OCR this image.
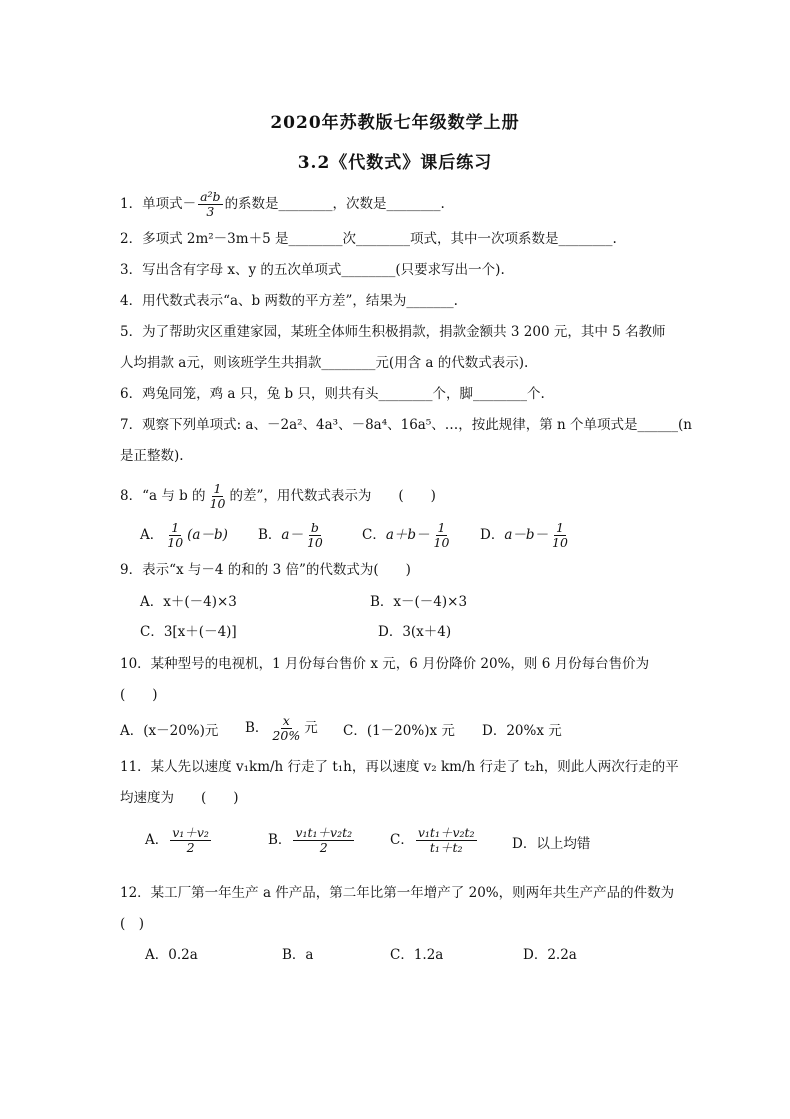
2020年苏教版七年级数学上册
3.2《代数式》课后练习
1．单项式－ $\frac{\text{a²b}}{3}$ 的系数是________，次数是________.
2．多项式 2m²－3m＋5 是________次________项式，其中一次项系数是________.
3．写出含有字母 x、y 的五次单项式________(只要求写出一个).
4．用代数式表示“a、b 两数的平方差”，结果为_______.
5．为了帮助灾区重建家园，某班全体师生积极捐款，捐款金额共 3 200 元，其中 5 名教师
人均捐款 a元，则该班学生共捐款________元(用含 a 的代数式表示).
6．鸡兔同笼，鸡 a 只，兔 b 只，则共有头________个，脚________个.
7．观察下列单项式: a、－2a²、4a³、－8a⁴、16a⁵、…，按此规律，第 n 个单项式是______(n
是正整数).
8．“a 与 b 的 $\frac{1}{10}$ 的差”，用代数式表示为　　(　　)
A． $\frac{1}{10} (a-b)$ B．$a- \frac{b}{10}$	C．$a+b- \frac{1}{10}$ D．$a-b- \frac{1}{10}$
9．表示“x 与－4 的和的 3 倍”的代数式为(　　)
A．x＋(－4)×3	B．x－(－4)×3
C．3[x＋(－4)]	D．3(x＋4)
10．某种型号的电视机，1 月份每台售价 x 元，6 月份降价 20%，则 6 月份每台售价为
(　　)
A．(x－20%)元 B． $\frac{x}{20\%}$ 元 C．(1－20%)x 元 D．20%x 元
11．某人先以速度 v₁km/h 行走了 t₁h，再以速度 v₂ km/h 行走了 t₂h，则此人两次行走的平
均速度为　　(　　)
A． $\frac{\text{v₁＋v₂}}{2}$	B． $\frac{\text{v₁t₁＋v₂t₂}}{2}$	C． $\frac{\text{v₁t₁＋v₂t₂}}{\text{t₁＋t₂}}$	D．以上均错
12．某工厂第一年生产 a 件产品，第二年比第一年增产了 20%，则两年共生产产品的件数为
(　)
A．0.2a	B．a	C．1.2a	D．2.2a
